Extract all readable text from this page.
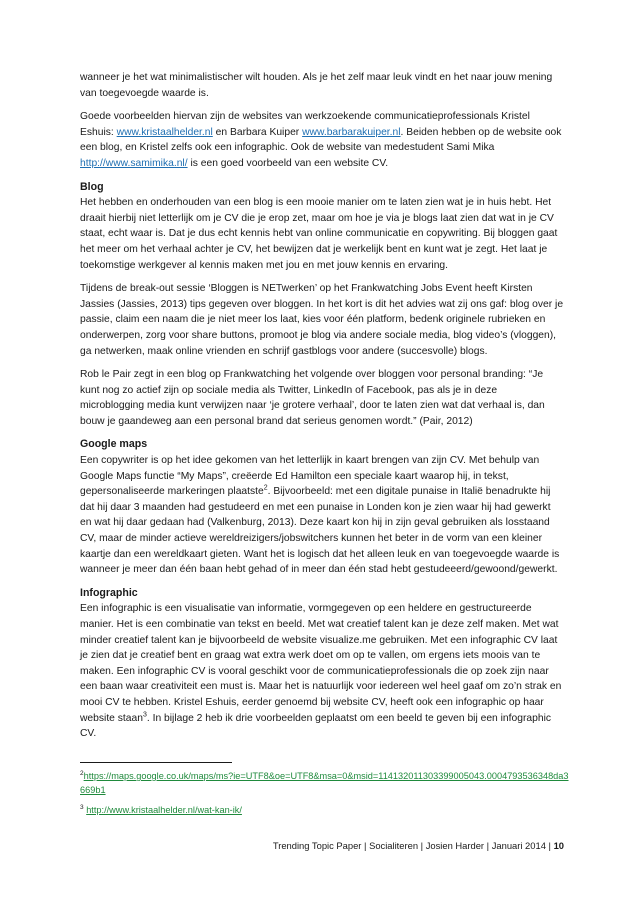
wanneer je het wat minimalistischer wilt houden. Als je het zelf maar leuk vindt en het naar jouw mening van toegevoegde waarde is.

Goede voorbeelden hiervan zijn de websites van werkzoekende communicatieprofessionals Kristel Eshuis: www.kristaalhelder.nl en Barbara Kuiper www.barbarakuiper.nl. Beiden hebben op de website ook een blog, en Kristel zelfs ook een infographic. Ook de website van medestudent Sami Mika http://www.samimika.nl/ is een goed voorbeeld van een website CV.

Blog

Het hebben en onderhouden van een blog is een mooie manier om te laten zien wat je in huis hebt. Het draait hierbij niet letterlijk om je CV die je erop zet, maar om hoe je via je blogs laat zien dat wat in je CV staat, echt waar is. Dat je dus echt kennis hebt van online communicatie en copywriting. Bij bloggen gaat het meer om het verhaal achter je CV, het bewijzen dat je werkelijk bent en kunt wat je zegt. Het laat je toekomstige werkgever al kennis maken met jou en met jouw kennis en ervaring.

Tijdens de break-out sessie ‘Bloggen is NETwerken’ op het Frankwatching Jobs Event heeft Kirsten Jassies (Jassies, 2013) tips gegeven over bloggen. In het kort is dit het advies wat zij ons gaf: blog over je passie, claim een naam die je niet meer los laat, kies voor één platform, bedenk originele rubrieken en onderwerpen, zorg voor share buttons, promoot je blog via andere sociale media, blog video’s (vloggen), ga netwerken, maak online vrienden en schrijf gastblogs voor andere (succesvolle) blogs.

Rob le Pair zegt in een blog op Frankwatching het volgende over bloggen voor personal branding: “Je kunt nog zo actief zijn op sociale media als Twitter, LinkedIn of Facebook, pas als je in deze microblogging media kunt verwijzen naar ‘je grotere verhaal’, door te laten zien wat dat verhaal is, dan bouw je gaandeweg aan een personal brand dat serieus genomen wordt.” (Pair, 2012)

Google maps

Een copywriter is op het idee gekomen van het letterlijk in kaart brengen van zijn CV. Met behulp van Google Maps functie “My Maps”, creëerde Ed Hamilton een speciale kaart waarop hij, in tekst, gepersonaliseerde markeringen plaatste$^2$. Bijvoorbeeld: met een digitale punaise in Italië benadrukte hij dat hij daar 3 maanden had gestudeerd en met een punaise in Londen kon je zien waar hij had gewerkt en wat hij daar gedaan had (Valkenburg, 2013). Deze kaart kon hij in zijn geval gebruiken als losstaand CV, maar de minder actieve wereldreizigers/jobswitchers kunnen het beter in de vorm van een kleiner kaartje dan een wereldkaart gieten. Want het is logisch dat het alleen leuk en van toegevoegde waarde is wanneer je meer dan één baan hebt gehad of in meer dan één stad hebt gestudeeerd/gewoond/gewerkt.

Infographic

Een infographic is een visualisatie van informatie, vormgegeven op een heldere en gestructureerde manier. Het is een combinatie van tekst en beeld. Met wat creatief talent kan je deze zelf maken. Met wat minder creatief talent kan je bijvoorbeeld de website visualize.me gebruiken. Met een infographic CV laat je zien dat je creatief bent en graag wat extra werk doet om op te vallen, om ergens iets moois van te maken. Een infographic CV is vooral geschikt voor de communicatieprofessionals die op zoek zijn naar een baan waar creativiteit een must is. Maar het is natuurlijk voor iedereen wel heel gaaf om zo’n strak en mooi CV te hebben. Kristel Eshuis, eerder genoemd bij website CV, heeft ook een infographic op haar website staan$^3$. In bijlage 2 heb ik drie voorbeelden geplaatst om een beeld te geven bij een infographic CV.

$^2$https://maps.google.co.uk/maps/ms?ie=UTF8&oe=UTF8&msa=0&msid=114132011303399005043.0004793536348da3669b1

$^3$ http://www.kristaalhelder.nl/wat-kan-ik/

Trending Topic Paper | Socialiteren | Josien Harder | Januari 2014 | 10
